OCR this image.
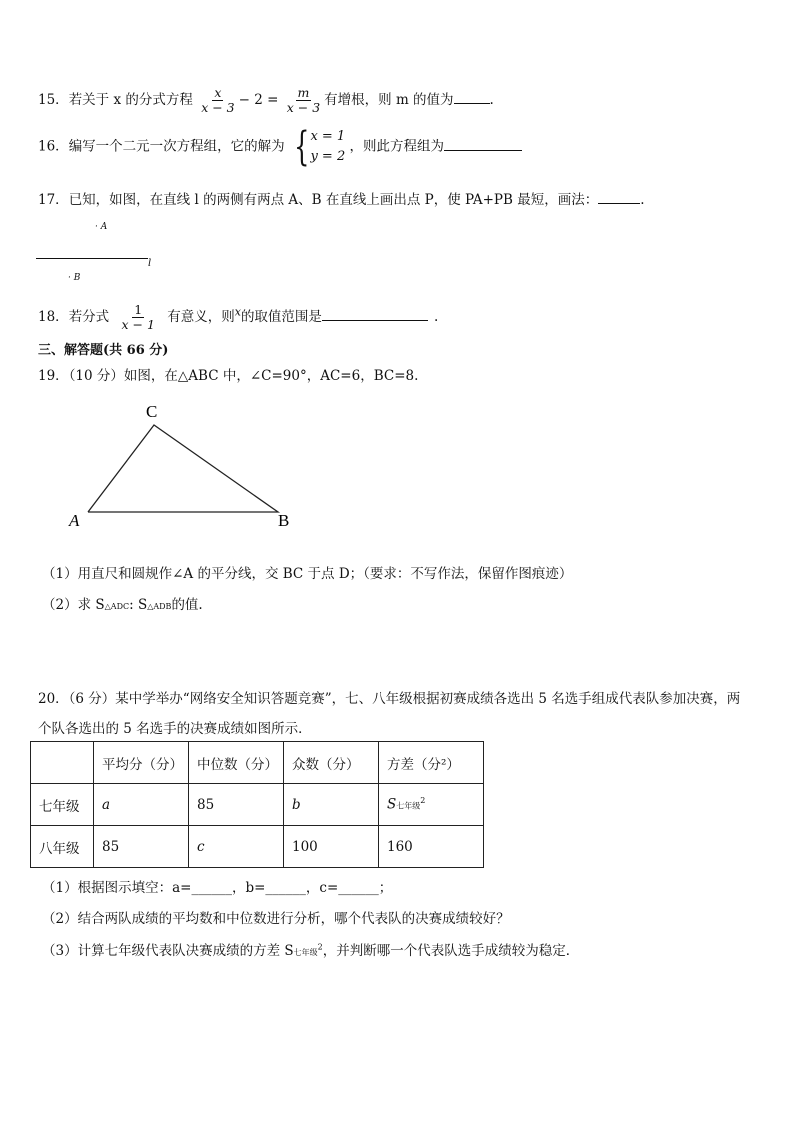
15．若关于 x 的分式方程 $\frac{x}{x - 3} - 2 = \frac{m}{x - 3}$ 有增根，则 m 的值为	.
16．编写一个二元一次方程组，它的解为 { x = 1
y = 2
，则此方程组为
17．已知，如图，在直线 l 的两侧有两点 A、B 在直线上画出点 P，使 PA+PB 最短，画法：	.
· A
l
· B
18．若分式 $\frac{1}{x - 1}$ 有意义，则$^x$的取值范围是	.
三、解答题(共 66 分)
19．（10 分）如图，在△ABC 中，∠C=90°，AC=6，BC=8.
C
A	B
（1）用直尺和圆规作∠A 的平分线，交 BC 于点 D；（要求：不写作法，保留作图痕迹）
（2）求 S△ADC: S△ADB的值.
20．（6 分）某中学举办“网络安全知识答题竞赛”，七、八年级根据初赛成绩各选出 5 名选手组成代表队参加决赛，两
个队各选出的 5 名选手的决赛成绩如图所示．
	平均分（分）	中位数（分）	众数（分）	方差（分²）
七年级	a	85	b	S七年级$^2$
八年级	85	c	100	160
（1）根据图示填空：a=______，b=______，c=______；
（2）结合两队成绩的平均数和中位数进行分析，哪个代表队的决赛成绩较好？
（3）计算七年级代表队决赛成绩的方差 S七年级$^2$，并判断哪一个代表队选手成绩较为稳定．
